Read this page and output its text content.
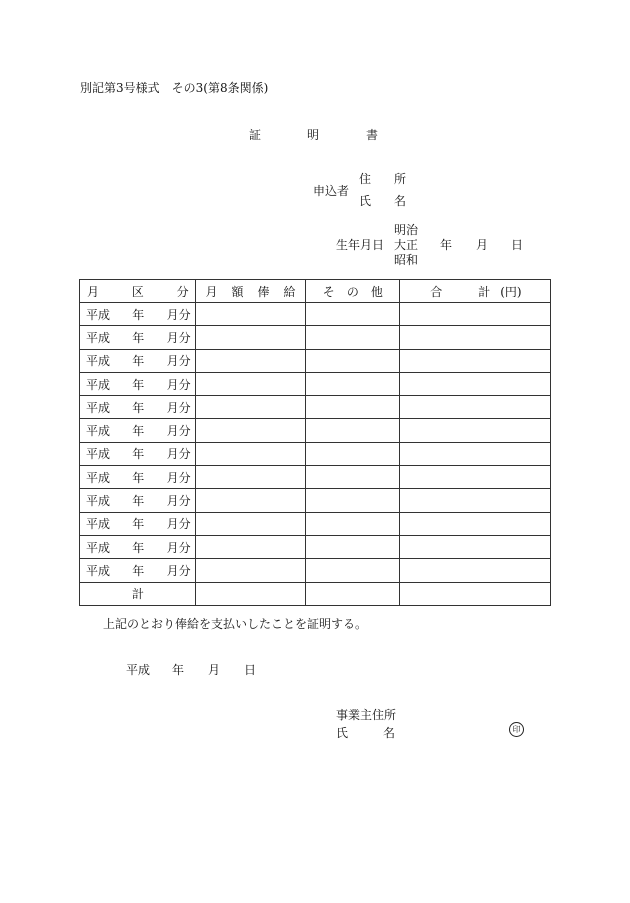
別記第3号様式　その3(第8条関係)
証	明	書
申込者
住 所
氏 名
生年月日
明治
大正
昭和
年 月 日
月 区 分	月 額 俸 給	そ の 他	合 計 (円)

平成 年 月分			

平成 年 月分			

平成 年 月分			

平成 年 月分			

平成 年 月分			

平成 年 月分			

平成 年 月分			

平成 年 月分			

平成 年 月分			

平成 年 月分			

平成 年 月分			

平成 年 月分			

計			
上記のとおり俸給を支払いしたことを証明する。
平成 年 月 日
事業主住所
氏	名	印
